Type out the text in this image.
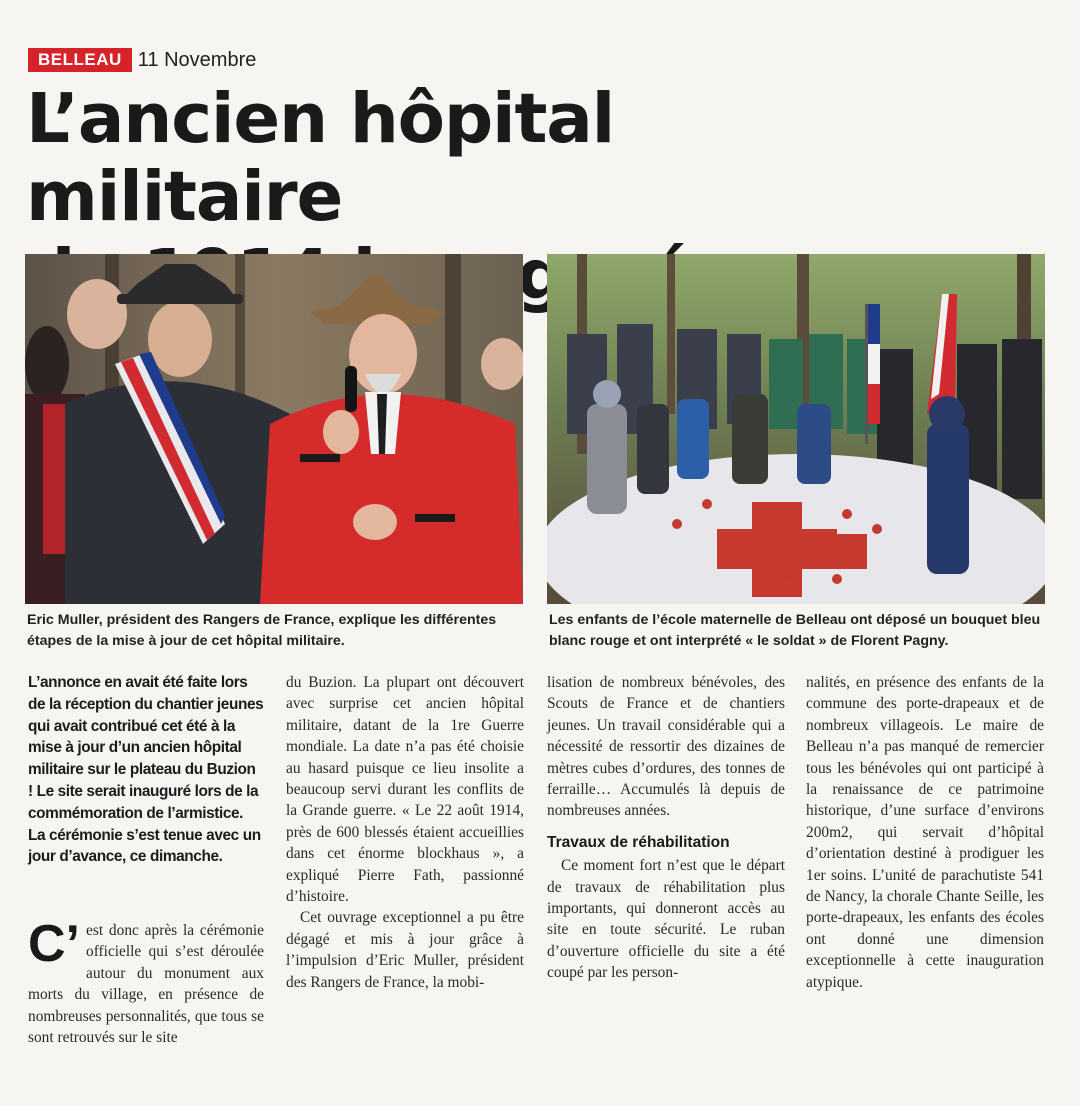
BELLEAU 11 Novembre
L’ancien hôpital militaire

Eric Muller, président des Rangers de France, explique les différentes étapes de la mise à jour de cet hôpital militaire.
Les enfants de l’école maternelle de Belleau ont déposé un bouquet bleu blanc rouge et ont interprété « le soldat » de Florent Pagny.
L’annonce en avait été faite lors de la réception du chantier jeunes qui avait contribué cet été à la mise à jour d’un ancien hôpital militaire sur le plateau du Buzion ! Le site serait inauguré lors de la commémoration de l’armistice. La cérémonie s’est tenue avec un jour d’avance, ce dimanche.
C’ est donc après la cérémonie officielle qui s’est déroulée autour du monument aux morts du village, en présence de nombreuses personnalités, que tous se sont retrouvés sur le site

du Buzion. La plupart ont découvert avec surprise cet ancien hôpital militaire, datant de la 1re Guerre mondiale. La date n’a pas été choisie au hasard puisque ce lieu insolite a beaucoup servi durant les conflits de la Grande guerre. « Le 22 août 1914, près de 600 blessés étaient accueillies dans cet énorme blockhaus », a expliqué Pierre Fath, passionné d’histoire.

Cet ouvrage exceptionnel a pu être dégagé et mis à jour grâce à l’impulsion d’Eric Muller, président des Rangers de France, la mobi-

lisation de nombreux bénévoles, des Scouts de France et de chantiers jeunes. Un travail considérable qui a nécessité de ressortir des dizaines de mètres cubes d’ordures, des tonnes de ferraille… Accumulés là depuis de nombreuses années.

Travaux de réhabilitation

Ce moment fort n’est que le départ de travaux de réhabilitation plus importants, qui donneront accès au site en toute sécurité. Le ruban d’ouverture officielle du site a été coupé par les person-

nalités, en présence des enfants de la commune des porte-drapeaux et de nombreux villageois. Le maire de Belleau n’a pas manqué de remercier tous les bénévoles qui ont participé à la renaissance de ce patrimoine historique, d’une surface d’environs 200m2, qui servait d’hôpital d’orientation destiné à prodiguer les 1er soins. L’unité de parachutiste 541 de Nancy, la chorale Chante Seille, les porte-drapeaux, les enfants des écoles ont donné une dimension exceptionnelle à cette inauguration atypique.
